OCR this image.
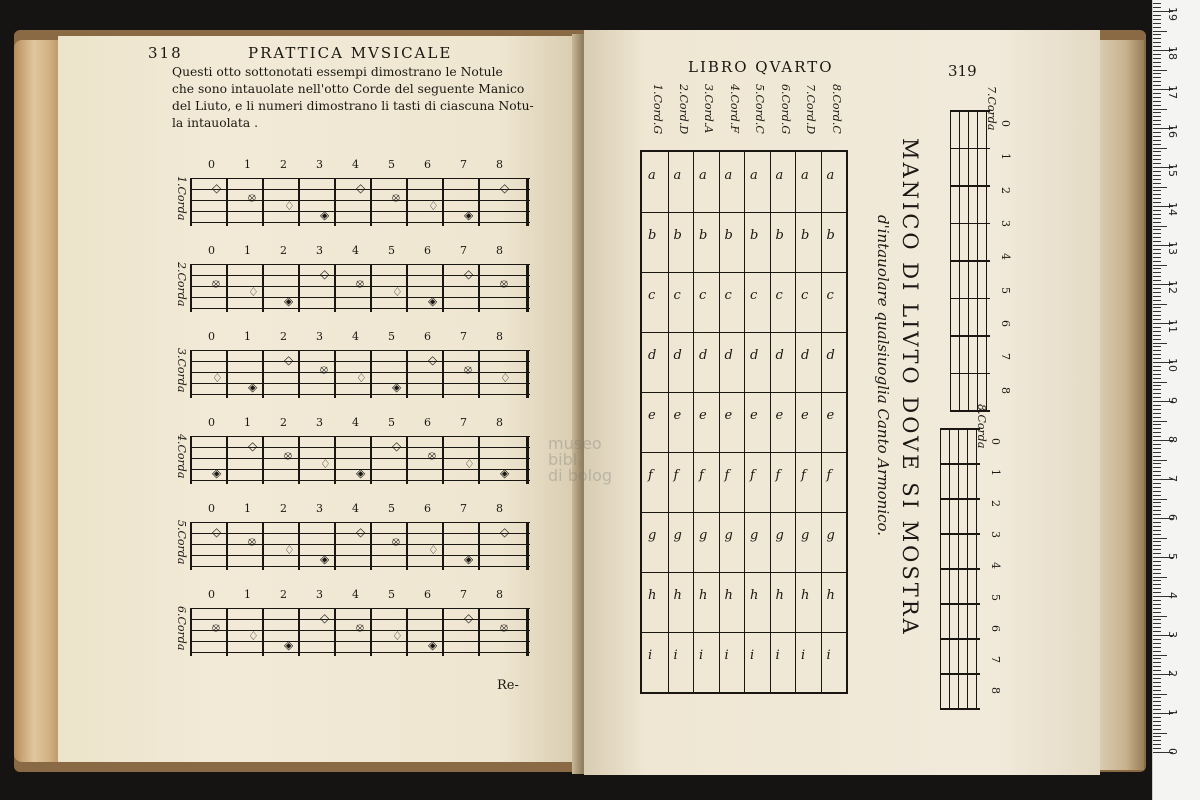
318	PRATTICA MVSICALE
Questi otto sottonotati essempi dimostrano le Notule
che sono intauolate nell'otto Corde del seguente Manico
del Liuto, e li numeri dimostrano li tasti di ciascuna Notu-
la intauolata .
0	1	2	3	4	5	6	7	8
◇
⦻
♢
◈
◇
⦻
♢
◈
◇
1.Corda
0	1	2	3	4	5	6	7	8
⦻
♢
◈
◇
⦻
♢
◈
◇
⦻
2.Corda
0	1	2	3	4	5	6	7	8
♢
◈
◇
⦻
♢
◈
◇
⦻
♢
3.Corda
0	1	2	3	4	5	6	7	8
◈
◇
⦻
♢
◈
◇
⦻
♢
◈
4.Corda
0	1	2	3	4	5	6	7	8
◇
⦻
♢
◈
◇
⦻
♢
◈
◇
5.Corda
0	1	2	3	4	5	6	7	8
⦻
♢
◈
◇
⦻
♢
◈
◇
⦻
6.Corda
Re-
LIBRO QVARTO	319
MANICO DI LIVTO DOVE SI MOSTRA
d'intauolare qualsiuoglia Canto Armonico.
1.Cord.G 2.Cord.D 3.Cord.A 4.Cord.F 5.Cord.C 6.Cord.G 7.Cord.D 8.Cord.C
a a a a a a a a
b b b b b b b b
c c c c c c c c
d d d d d d d d
e e e e e e e e
f f f f f f f f
g g g g g g g g
h h h h h h h h
i i i i i i i i
0
1
2
3
4
5
6
7
8
7.Corda
0
1
2
3
4
5
6
7
8
8.Corda
museo
bibl.
di bolog
0
1
2
3
4
5
6
7
8
9
10
11
12
13
14
15
16
17
18
19
